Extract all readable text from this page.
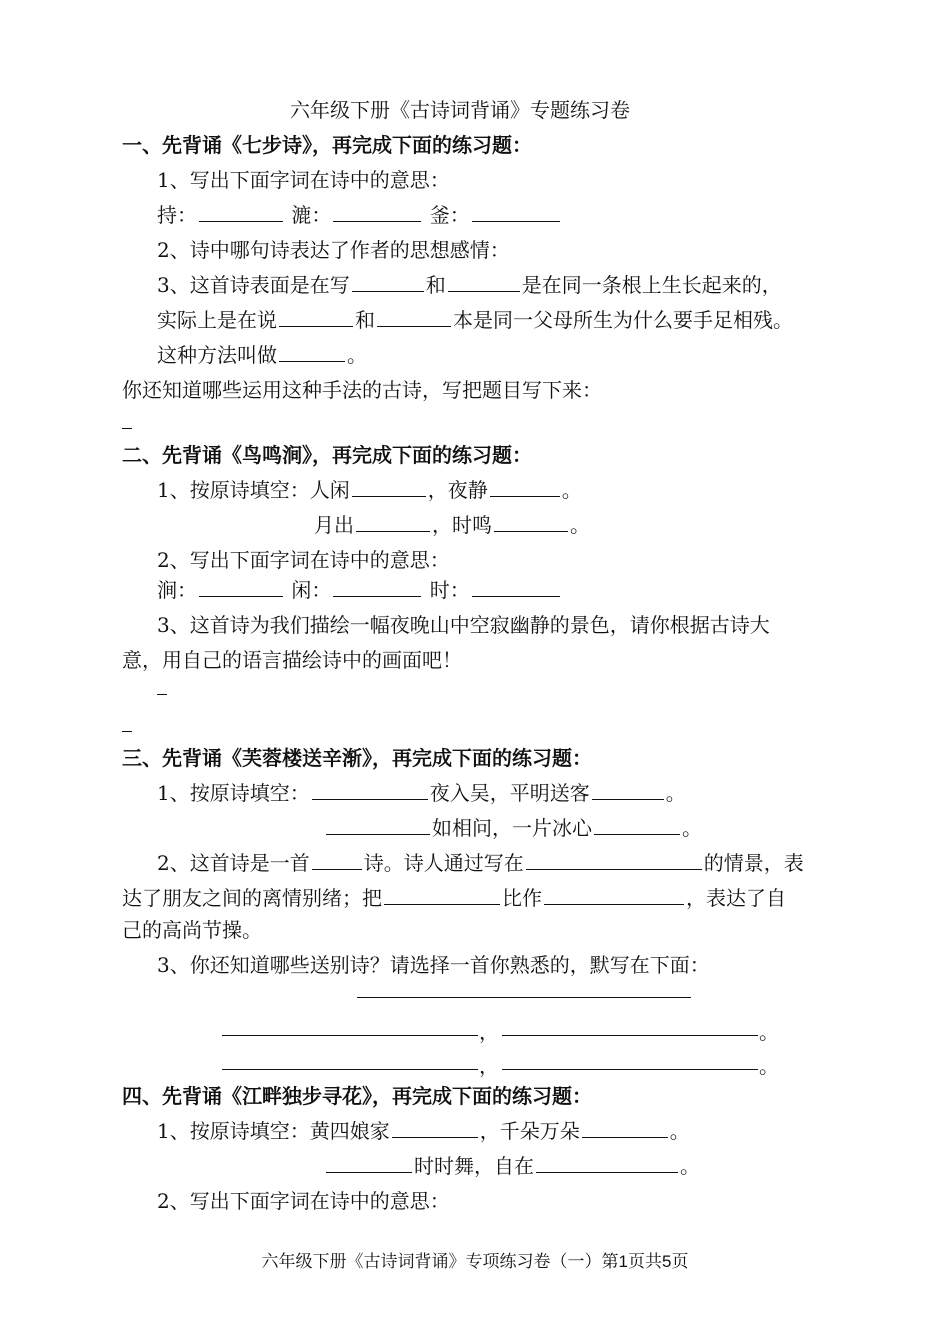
六年级下册《古诗词背诵》专题练习卷
一、先背诵《七步诗》，再完成下面的练习题：
1、写出下面字词在诗中的意思：
持：	漉：	釜：
2、诗中哪句诗表达了作者的思想感情：
3、这首诗表面是在写	和	是在同一条根上生长起来的，
实际上是在说	和	本是同一父母所生为什么要手足相残。
这种方法叫做	。
你还知道哪些运用这种手法的古诗，写把题目写下来：
二、先背诵《鸟鸣涧》，再完成下面的练习题：
1、按原诗填空：人闲	，夜静	。
月出	，时鸣	。
2、写出下面字词在诗中的意思：
涧：	闲：	时：
3、这首诗为我们描绘一幅夜晚山中空寂幽静的景色，请你根据古诗大
意，用自己的语言描绘诗中的画面吧！
三、先背诵《芙蓉楼送辛渐》，再完成下面的练习题：
1、按原诗填空：	夜入吴，平明送客	。
如相问，一片冰心	。
2、这首诗是一首	诗。诗人通过写在	的情景，表
达了朋友之间的离情别绪；把	比作	，表达了自
己的高尚节操。
3、你还知道哪些送别诗？请选择一首你熟悉的，默写在下面：
，	。
，	。
四、先背诵《江畔独步寻花》，再完成下面的练习题：
1、按原诗填空：黄四娘家	，千朵万朵	。
时时舞，自在	。
2、写出下面字词在诗中的意思：
六年级下册《古诗词背诵》专项练习卷（一）第1页共5页
